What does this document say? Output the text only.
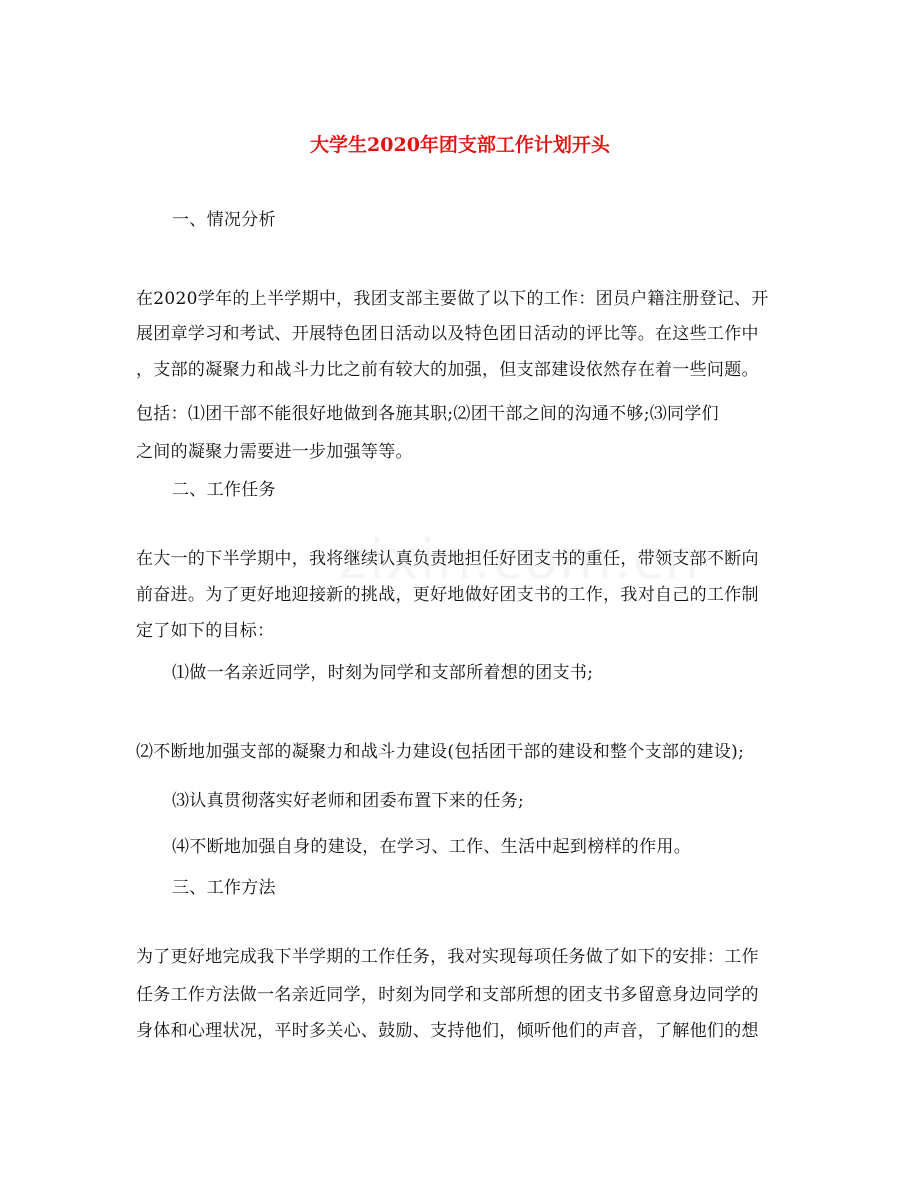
大学生2020年团支部工作计划开头
一、情况分析
在2020学年的上半学期中，我团支部主要做了以下的工作：团员户籍注册登记、开
展团章学习和考试、开展特色团日活动以及特色团日活动的评比等。在这些工作中
，支部的凝聚力和战斗力比之前有较大的加强，但支部建设依然存在着一些问题。
包括：⑴团干部不能很好地做到各施其职;⑵团干部之间的沟通不够;⑶同学们
之间的凝聚力需要进一步加强等等。
二、工作任务
在大一的下半学期中，我将继续认真负责地担任好团支书的重任，带领支部不断向
前奋进。为了更好地迎接新的挑战，更好地做好团支书的工作，我对自己的工作制
定了如下的目标：
⑴做一名亲近同学，时刻为同学和支部所着想的团支书;
⑵不断地加强支部的凝聚力和战斗力建设(包括团干部的建设和整个支部的建设);
⑶认真贯彻落实好老师和团委布置下来的任务;
⑷不断地加强自身的建设，在学习、工作、生活中起到榜样的作用。
三、工作方法
为了更好地完成我下半学期的工作任务，我对实现每项任务做了如下的安排：工作
任务工作方法做一名亲近同学，时刻为同学和支部所想的团支书多留意身边同学的
身体和心理状况，平时多关心、鼓励、支持他们，倾听他们的声音，了解他们的想
